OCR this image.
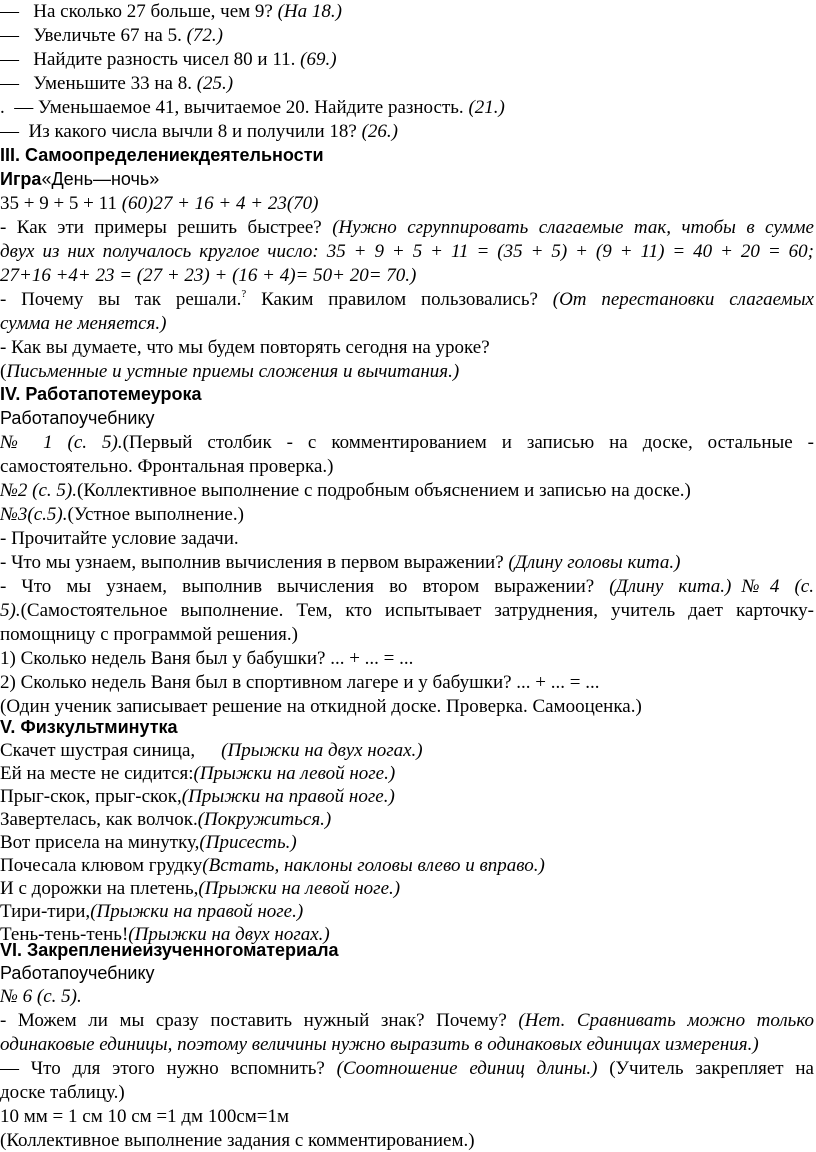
— На сколько 27 больше, чем 9? (На 18.)
— Увеличьте 67 на 5. (72.)
— Найдите разность чисел 80 и 11. (69.)
— Уменьшите 33 на 8. (25.)
. — Уменьшаемое 41, вычитаемое 20. Найдите разность. (21.)
— Из какого числа вычли 8 и получили 18? (26.)
III. Самоопределениекдеятельности
Игра«День—ночь»
35 + 9 + 5 + 11 (60)27 + 16 + 4 + 23(70)
- Как эти примеры решить быстрее? (Нужно сгруппировать слагаемые так, чтобы в сумме
двух из них получалось круглое число: 35 + 9 + 5 + 11 = (35 + 5) + (9 + 11) = 40 + 20 = 60;
27+16 +4+ 23 = (27 + 23) + (16 + 4)= 50+ 20= 70.)
- Почему вы так решали.? Каким правилом пользовались? (От перестановки слагаемых
сумма не меняется.)
- Как вы думаете, что мы будем повторять сегодня на уроке?
(Письменные и устные приемы сложения и вычитания.)
IV. Работапотемеурока
Работапоучебнику
№ 1 (с. 5).(Первый столбик - с комментированием и записью на доске, остальные -
самостоятельно. Фронтальная проверка.)
№2 (с. 5).(Коллективное выполнение с подробным объяснением и записью на доске.)
№3(с.5).(Устное выполнение.)
- Прочитайте условие задачи.
- Что мы узнаем, выполнив вычисления в первом выражении? (Длину головы кита.)
- Что мы узнаем, выполнив вычисления во втором выражении? (Длину кита.)№4 (с.
5).(Самостоятельное выполнение. Тем, кто испытывает затруднения, учитель дает карточку-
помощницу с программой решения.)
1) Сколько недель Ваня был у бабушки? ... + ... = ...
2) Сколько недель Ваня был в спортивном лагере и у бабушки? ... + ... = ...
(Один ученик записывает решение на откидной доске. Проверка. Самооценка.)
V. Физкультминутка
Скачет шустрая синица, (Прыжки на двух ногах.)
Ей на месте не сидится:(Прыжки на левой ноге.)
Прыг-скок, прыг-скок,(Прыжки на правой ноге.)
Завертелась, как волчок.(Покружиться.)
Вот присела на минутку,(Присесть.)
Почесала клювом грудку(Встать, наклоны головы влево и вправо.)
И с дорожки на плетень,(Прыжки на левой ноге.)
Тири-тири,(Прыжки на правой ноге.)
Тень-тень-тень!(Прыжки на двух ногах.)
VI. Закреплениеизученногоматериала
Работапоучебнику
№ 6 (с. 5).
- Можем ли мы сразу поставить нужный знак? Почему? (Нет. Сравнивать можно только
одинаковые единицы, поэтому величины нужно выразить в одинаковых единицах измерения.)
— Что для этого нужно вспомнить? (Соотношение единиц длины.) (Учитель закрепляет на
доске таблицу.)
10 мм = 1 см 10 см =1 дм 100см=1м
(Коллективное выполнение задания с комментированием.)
